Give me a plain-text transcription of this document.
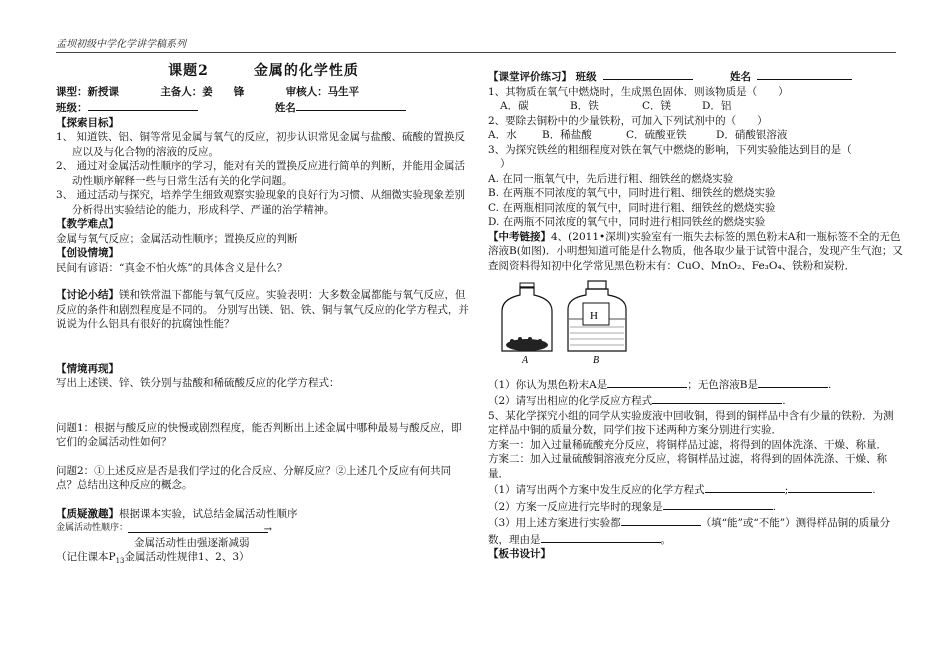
孟坝初级中学化学讲学稿系列
课题2　　　金属的化学性质
课型：新授课	主备人：姜　　锋	审核人：马生平
班级：	姓名
【探索目标】
1、 知道铁、铝、铜等常见金属与氧气的反应，初步认识常见金属与盐酸、硫酸的置换反应以及与化合物的溶液的反应。
2、 通过对金属活动性顺序的学习，能对有关的置换反应进行简单的判断，并能用金属活动性顺序解释一些与日常生活有关的化学问题。
3、 通过活动与探究，培养学生细致观察实验现象的良好行为习惯、从细微实验现象差别分析得出实验结论的能力，形成科学、严谨的治学精神。
【教学难点】
金属与氧气反应；金属活动性顺序；置换反应的判断
【创设情境】
民间有谚语：“真金不怕火炼”的具体含义是什么？
【讨论小结】镁和铁常温下都能与氧气反应。实验表明：大多数金属都能与氧气反应，但反应的条件和剧烈程度是不同的。 分别写出镁、铝、铁、铜与氧气反应的化学方程式，并说说为什么铝具有很好的抗腐蚀性能？
【情境再现】
写出上述镁、锌、铁分别与盐酸和稀硫酸反应的化学方程式：
问题1：根据与酸反应的快慢或剧烈程度，能否判断出上述金属中哪种最易与酸反应，即它们的金属活动性如何？
问题2：①上述反应是否是我们学过的化合反应、分解反应？②上述几个反应有何共同点？总结出这种反应的概念。
【质疑激趣】根据课本实验，试总结金属活动性顺序
金属活动性顺序：	→
金属活动性由强逐渐减弱
（记住课本$P_{13}$金属活动性规律1、2、3）
【课堂评价练习】 班级	姓名
1、其物质在氧气中燃烧时，生成黑色固体．则该物质是（　　）
A．碳	B．铁	C．镁	D．铝
2、要除去铜粉中的少量铁粉，可加入下列试剂中的（　　）
A．水 B．稀盐酸	C．硫酸亚铁	D．硝酸银溶液
3、为探究铁丝的粗细程度对铁在氧气中燃烧的影响，下列实验能达到目的是（
）
A. 在同一瓶氧气中，先后进行粗、细铁丝的燃烧实验
B. 在两瓶不同浓度的氧气中，同时进行粗、细铁丝的燃烧实验
C. 在两瓶相同浓度的氧气中，同时进行粗、细铁丝的燃烧实验
D. 在两瓶不同浓度的氧气中，同时进行相同铁丝的燃烧实验
【中考链接】4、(2011•深圳)实验室有一瓶失去标签的黑色粉末A和一瓶标签不全的无色溶液B(如图)．小明想知道可能是什么物质，他各取少量于试管中混合，发现产生气泡；又查阅资料得知初中化学常见黑色粉末有：CuO、MnO₂、Fe₃O₄、铁粉和炭粉．
A
H
B
（1）你认为黑色粉末A是	；无色溶液B是	.
（2）请写出相应的化学反应方程式	.
5、某化学探究小组的同学从实验废液中回收铜，得到的铜样品中含有少量的铁粉．为测定样品中铜的质量分数，同学们按下述两种方案分别进行实验．
方案一：加入过量稀硫酸充分反应，将铜样品过滤，将得到的固体洗涤、干燥、称量．
方案二：加入过量硫酸铜溶液充分反应，将铜样品过滤，将得到的固体洗涤、干燥、称量．
（1）请写出两个方案中发生反应的化学方程式	;	.
（2）方案一反应进行完毕时的现象是	.
（3）用上述方案进行实验都	（填“能”或“不能”）测得样品铜的质量分数，理由是	。
【板书设计】
